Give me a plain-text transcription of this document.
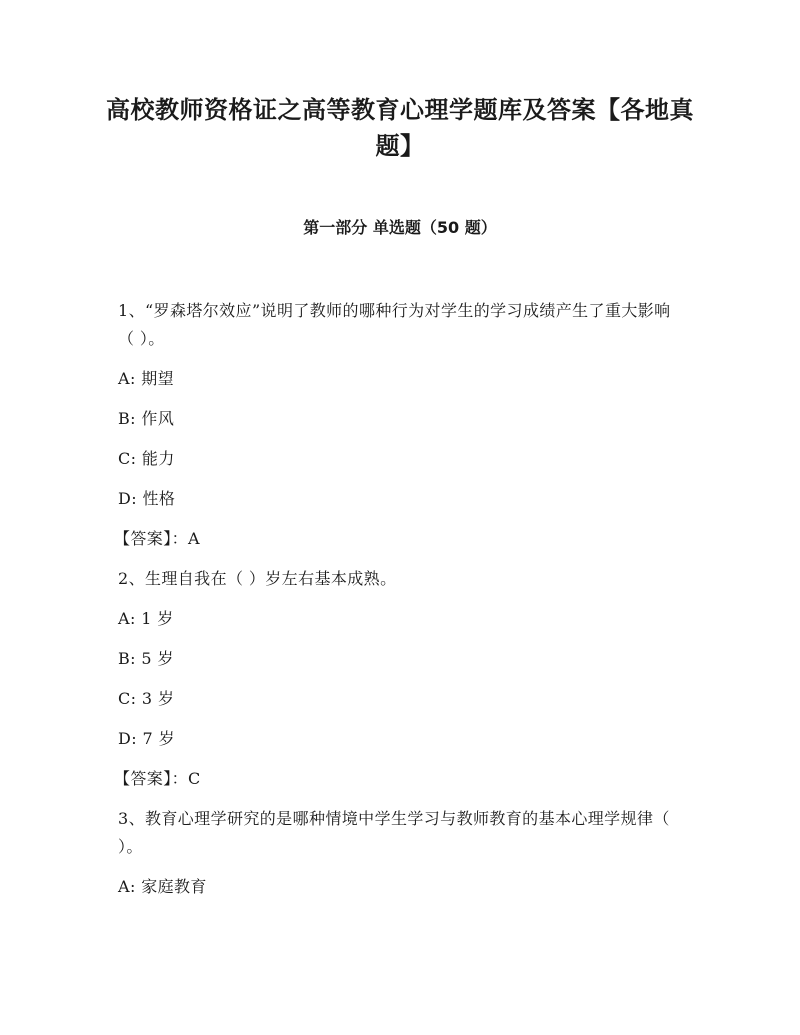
高校教师资格证之高等教育心理学题库及答案【各地真题】
第一部分 单选题（50 题）

1、“罗森塔尔效应”说明了教师的哪种行为对学生的学习成绩产生了重大影响（ ）。

A: 期望

B: 作风

C: 能力

D: 性格

【答案】：A

2、生理自我在（ ）岁左右基本成熟。

A: 1 岁

B: 5 岁

C: 3 岁

D: 7 岁

【答案】：C

3、教育心理学研究的是哪种情境中学生学习与教师教育的基本心理学规律（ ）。

A: 家庭教育
